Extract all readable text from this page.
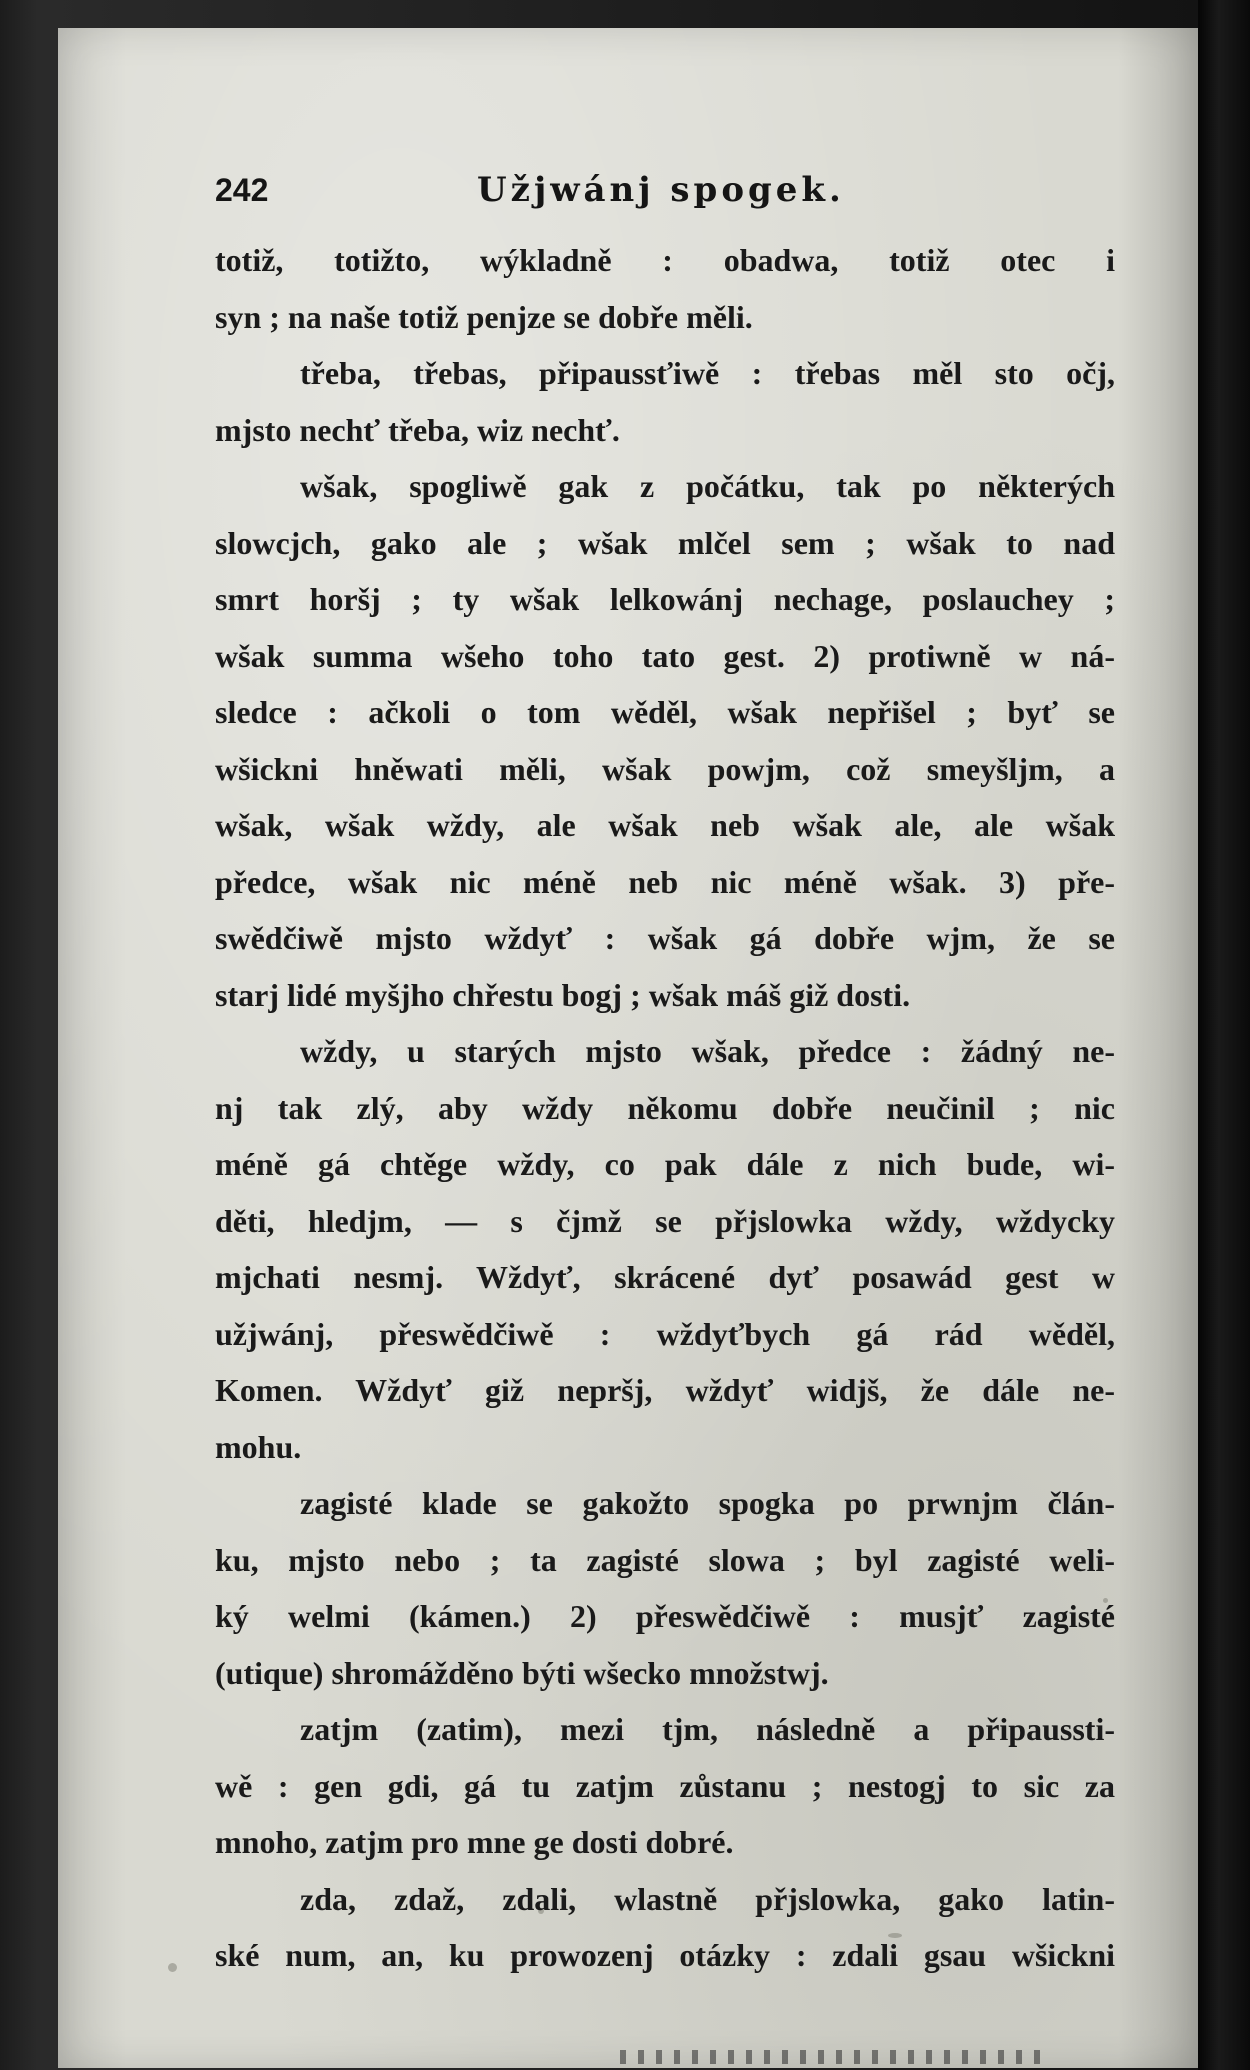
242	Užjwánj spogek.
totiž, totižto, wýkladně : obadwa, totiž otec i
syn ; na naše totiž penjze se dobře měli.
třeba, třebas, připaussťiwě : třebas měl sto očj,
mjsto nechť třeba, wiz nechť.
wšak, spogliwě gak z počátku, tak po některých
slowcjch, gako ale ; wšak mlčel sem ; wšak to nad
smrt horšj ; ty wšak lelkowánj nechage, poslauchey ;
wšak summa wšeho toho tato gest. 2) protiwně w ná-
sledce : ačkoli o tom wěděl, wšak nepřišel ; byť se
wšickni hněwati měli, wšak powjm, což smeyšljm, a
wšak, wšak wždy, ale wšak neb wšak ale, ale wšak
předce, wšak nic méně neb nic méně wšak. 3) pře-
swědčiwě mjsto wždyť : wšak gá dobře wjm, že se
starj lidé myšjho chřestu bogj ; wšak máš giž dosti.
wždy, u starých mjsto wšak, předce : žádný ne-
nj tak zlý, aby wždy někomu dobře neučinil ; nic
méně gá chtěge wždy, co pak dále z nich bude, wi-
děti, hledjm, — s čjmž se přjslowka wždy, wždycky
mjchati nesmj. Wždyť, skrácené dyť posawád gest w
užjwánj, přeswědčiwě : wždyťbych gá rád wěděl,
Komen. Wždyť giž nepršj, wždyť widjš, že dále ne-
mohu.
zagisté klade se gakožto spogka po prwnjm člán-
ku, mjsto nebo ; ta zagisté slowa ; byl zagisté weli-
ký welmi (kámen.) 2) přeswědčiwě : musjť zagisté
(utique) shromážděno býti wšecko množstwj.
zatjm (zatim), mezi tjm, následně a připaussti-
wě : gen gdi, gá tu zatjm zůstanu ; nestogj to sic za
mnoho, zatjm pro mne ge dosti dobré.
zda, zdaž, zdali, wlastně přjslowka, gako latin-
ské num, an, ku prowozenj otázky : zdali gsau wšickni
